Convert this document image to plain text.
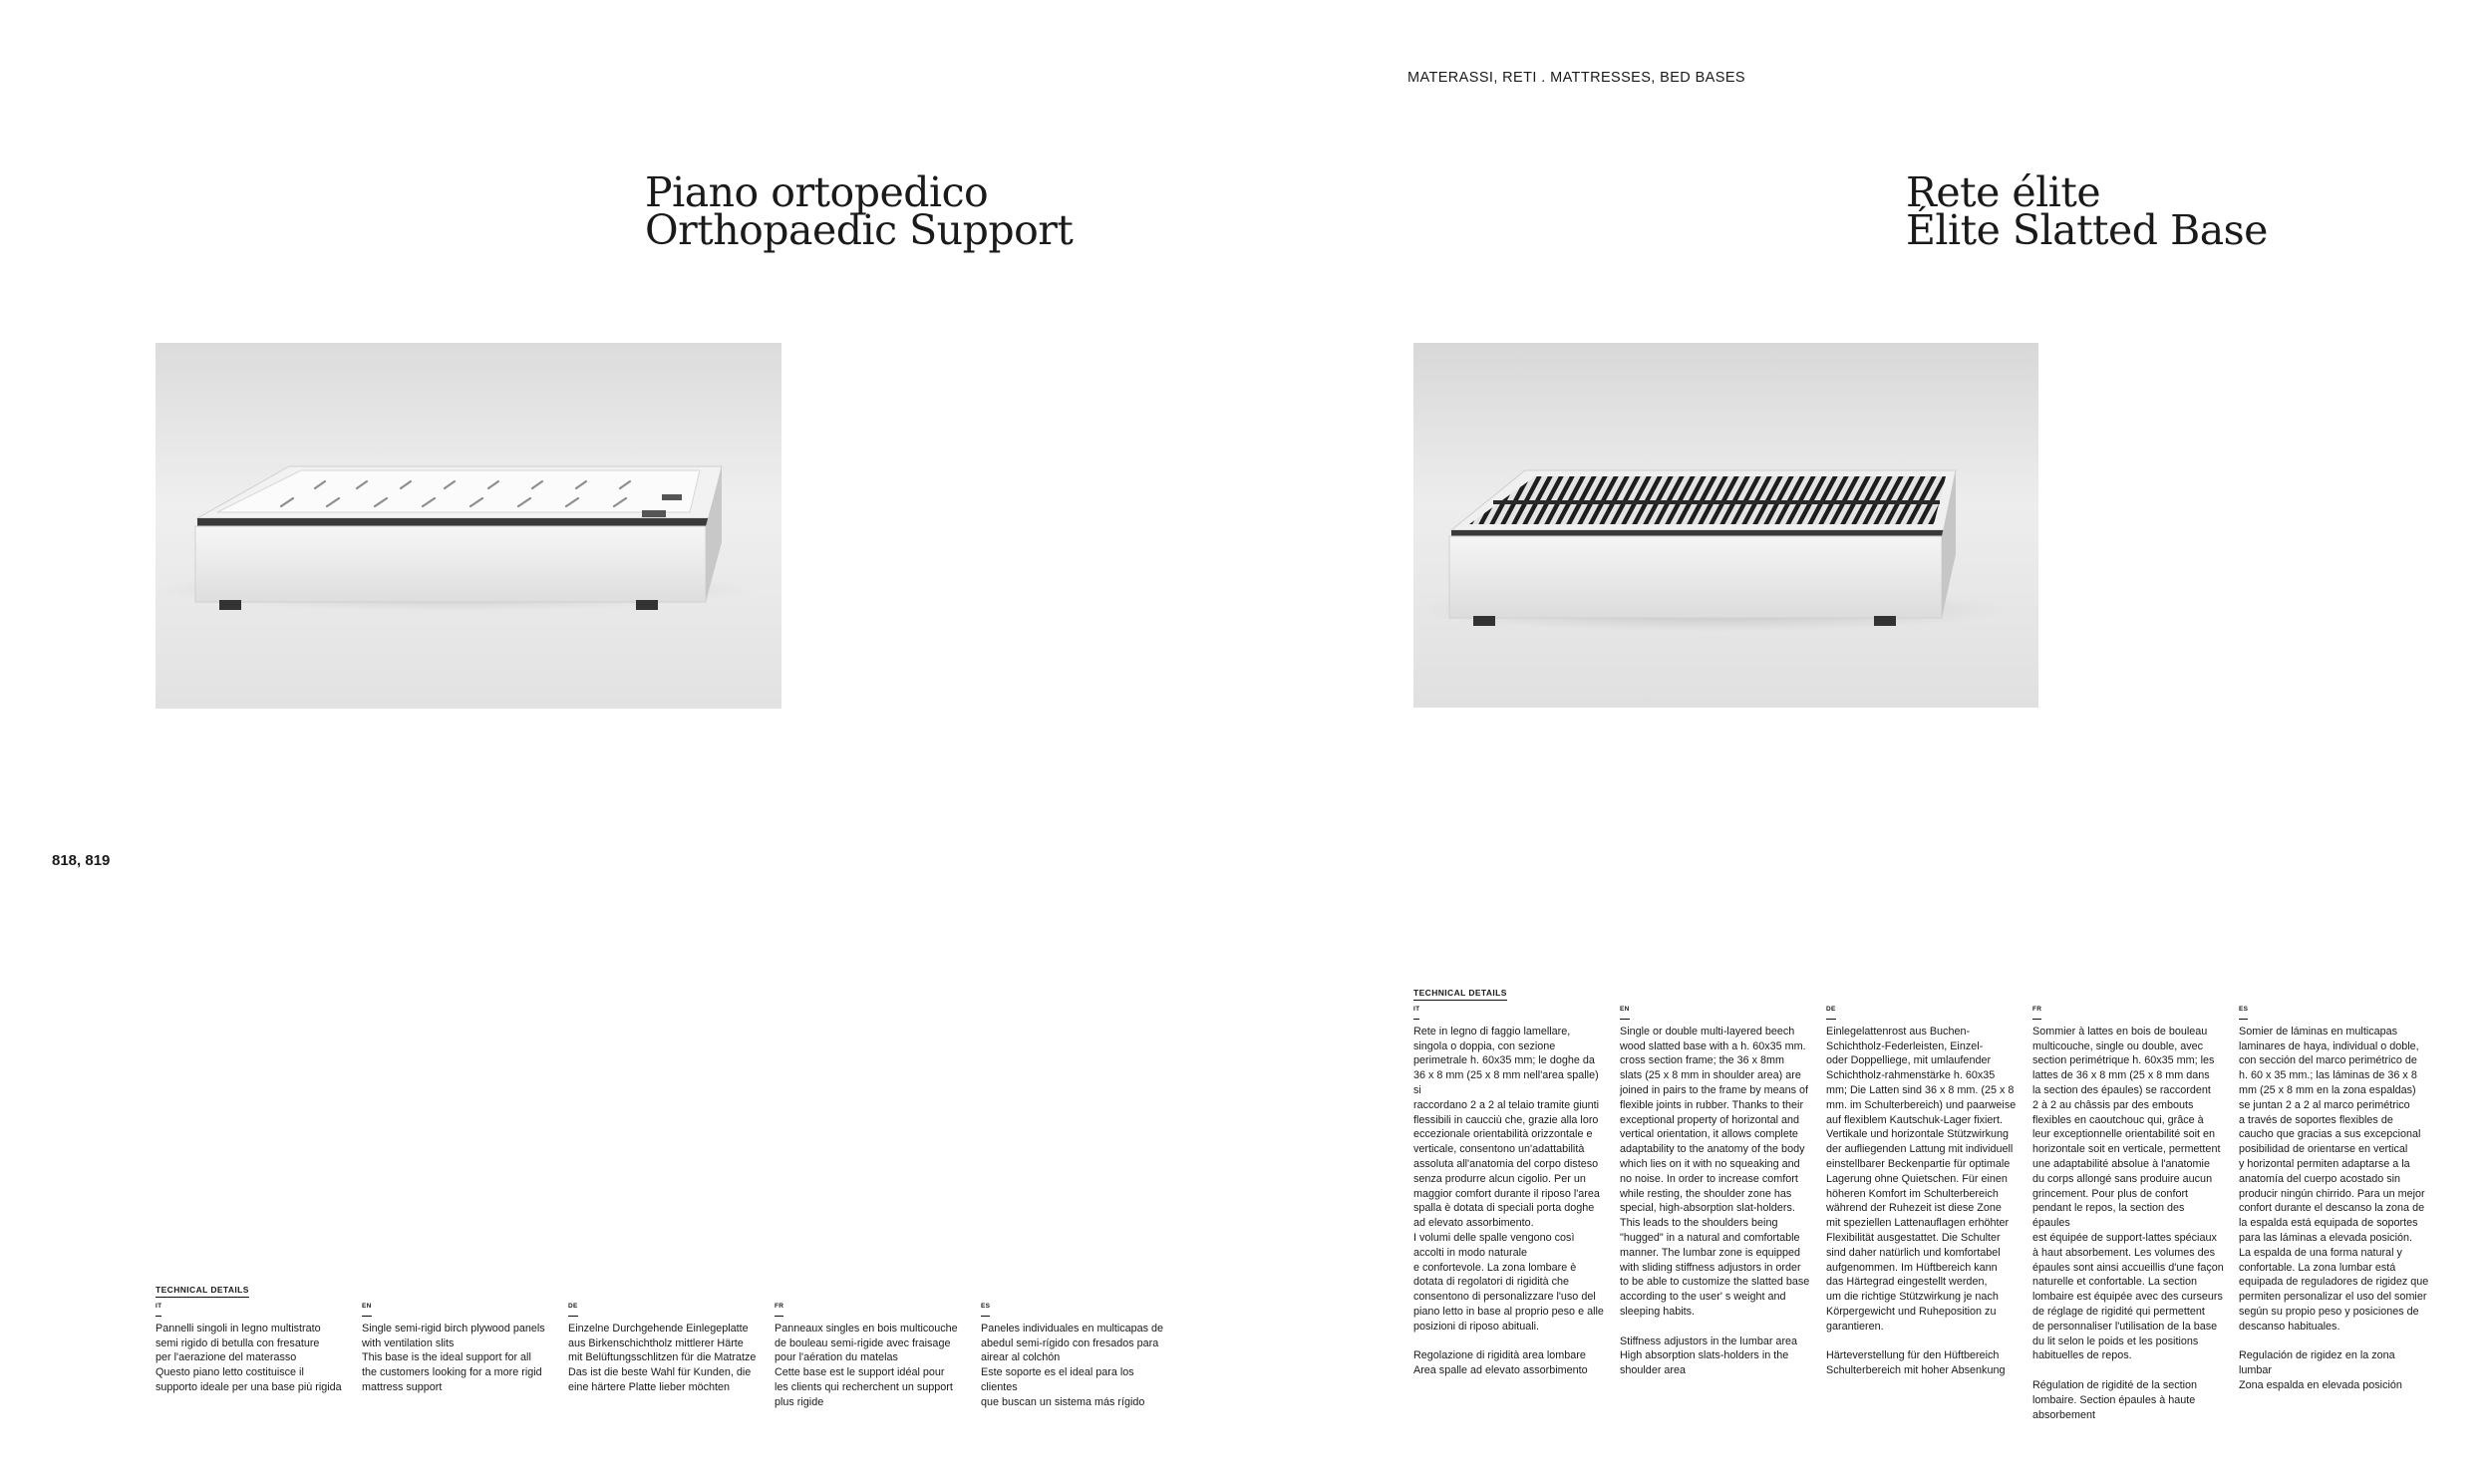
MATERASSI, RETI . MATTRESSES, BED BASES
Piano ortopedico
Orthopaedic Support
Rete élite
Élite Slatted Base
818, 819
TECHNICAL DETAILS
IT

Pannelli singoli in legno multistrato
semi rigido di betulla con fresature
per l'aerazione del materasso
Questo piano letto costituisce il
supporto ideale per una base più rigida

EN

Single semi-rigid birch plywood panels
with ventilation slits
This base is the ideal support for all
the customers looking for a more rigid
mattress support

DE

Einzelne Durchgehende Einlegeplatte
aus Birkenschichtholz mittlerer Härte
mit Belüftungsschlitzen für die Matratze
Das ist die beste Wahl für Kunden, die
eine härtere Platte lieber möchten

FR

Panneaux singles en bois multicouche
de bouleau semi-rigide avec fraisage
pour l'aération du matelas
Cette base est le support idéal pour
les clients qui recherchent un support
plus rigide

ES

Paneles individuales en multicapas de
abedul semi-rígido con fresados para
airear al colchón
Este soporte es el ideal para los clientes
que buscan un sistema más rígido

TECHNICAL DETAILS
IT

Rete in legno di faggio lamellare,
singola o doppia, con sezione
perimetrale h. 60x35 mm; le doghe da
36 x 8 mm (25 x 8 mm nell'area spalle) si
raccordano 2 a 2 al telaio tramite giunti
flessibili in caucciù che, grazie alla loro
eccezionale orientabilità orizzontale e
verticale, consentono un'adattabilità
assoluta all'anatomia del corpo disteso
senza produrre alcun cigolio. Per un
maggior comfort durante il riposo l'area
spalla è dotata di speciali porta doghe
ad elevato assorbimento.
I volumi delle spalle vengono così
accolti in modo naturale
e confortevole. La zona lombare è
dotata di regolatori di rigidità che
consentono di personalizzare l'uso del
piano letto in base al proprio peso e alle
posizioni di riposo abituali.

Regolazione di rigidità area lombare
Area spalle ad elevato assorbimento

EN

Single or double multi-layered beech
wood slatted base with a h. 60x35 mm.
cross section frame; the 36 x 8mm
slats (25 x 8 mm in shoulder area) are
joined in pairs to the frame by means of
flexible joints in rubber. Thanks to their
exceptional property of horizontal and
vertical orientation, it allows complete
adaptability to the anatomy of the body
which lies on it with no squeaking and
no noise. In order to increase comfort
while resting, the shoulder zone has
special, high-absorption slat-holders.
This leads to the shoulders being
"hugged" in a natural and comfortable
manner. The lumbar zone is equipped
with sliding stiffness adjustors in order
to be able to customize the slatted base
according to the user' s weight and
sleeping habits.

Stiffness adjustors in the lumbar area
High absorption slats-holders in the
shoulder area

DE

Einlegelattenrost aus Buchen-
Schichtholz-Federleisten, Einzel-
oder Doppelliege, mit umlaufender
Schichtholz-rahmenstärke h. 60x35
mm; Die Latten sind 36 x 8 mm. (25 x 8
mm. im Schulterbereich) und paarweise
auf flexiblem Kautschuk-Lager fixiert.
Vertikale und horizontale Stützwirkung
der aufliegenden Lattung mit individuell
einstellbarer Beckenpartie für optimale
Lagerung ohne Quietschen. Für einen
höheren Komfort im Schulterbereich
während der Ruhezeit ist diese Zone
mit speziellen Lattenauflagen erhöhter
Flexibilität ausgestattet. Die Schulter
sind daher natürlich und komfortabel
aufgenommen. Im Hüftbereich kann
das Härtegrad eingestellt werden,
um die richtige Stützwirkung je nach
Körpergewicht und Ruheposition zu
garantieren.

Härteverstellung für den Hüftbereich
Schulterbereich mit hoher Absenkung

FR

Sommier à lattes en bois de bouleau
multicouche, single ou double, avec
section perimétrique h. 60x35 mm; les
lattes de 36 x 8 mm (25 x 8 mm dans
la section des épaules) se raccordent
2 à 2 au châssis par des embouts
flexibles en caoutchouc qui, grâce à
leur exceptionnelle orientabilité soit en
horizontale soit en verticale, permettent
une adaptabilité absolue à l'anatomie
du corps allongé sans produire aucun
grincement. Pour plus de confort
pendant le repos, la section des épaules
est équipée de support-lattes spéciaux
à haut absorbement. Les volumes des
épaules sont ainsi accueillis d'une façon
naturelle et confortable. La section
lombaire est équipée avec des curseurs
de réglage de rigidité qui permettent
de personnaliser l'utilisation de la base
du lit selon le poids et les positions
habituelles de repos.

Régulation de rigidité de la section
lombaire. Section épaules à haute
absorbement

ES

Somier de láminas en multicapas
laminares de haya, individual o doble,
con sección del marco perimétrico de
h. 60 x 35 mm.; las láminas de 36 x 8
mm (25 x 8 mm en la zona espaldas)
se juntan 2 a 2 al marco perimétrico
a través de soportes flexibles de
caucho que gracias a sus excepcional
posibilidad de orientarse en vertical
y horizontal permiten adaptarse a la
anatomía del cuerpo acostado sin
producir ningún chirrido. Para un mejor
confort durante el descanso la zona de
la espalda está equipada de soportes
para las láminas a elevada posición.
La espalda de una forma natural y
confortable. La zona lumbar está
equipada de reguladores de rigidez que
permiten personalizar el uso del somier
según su propio peso y posiciones de
descanso habituales.

Regulación de rigidez en la zona lumbar
Zona espalda en elevada posición
